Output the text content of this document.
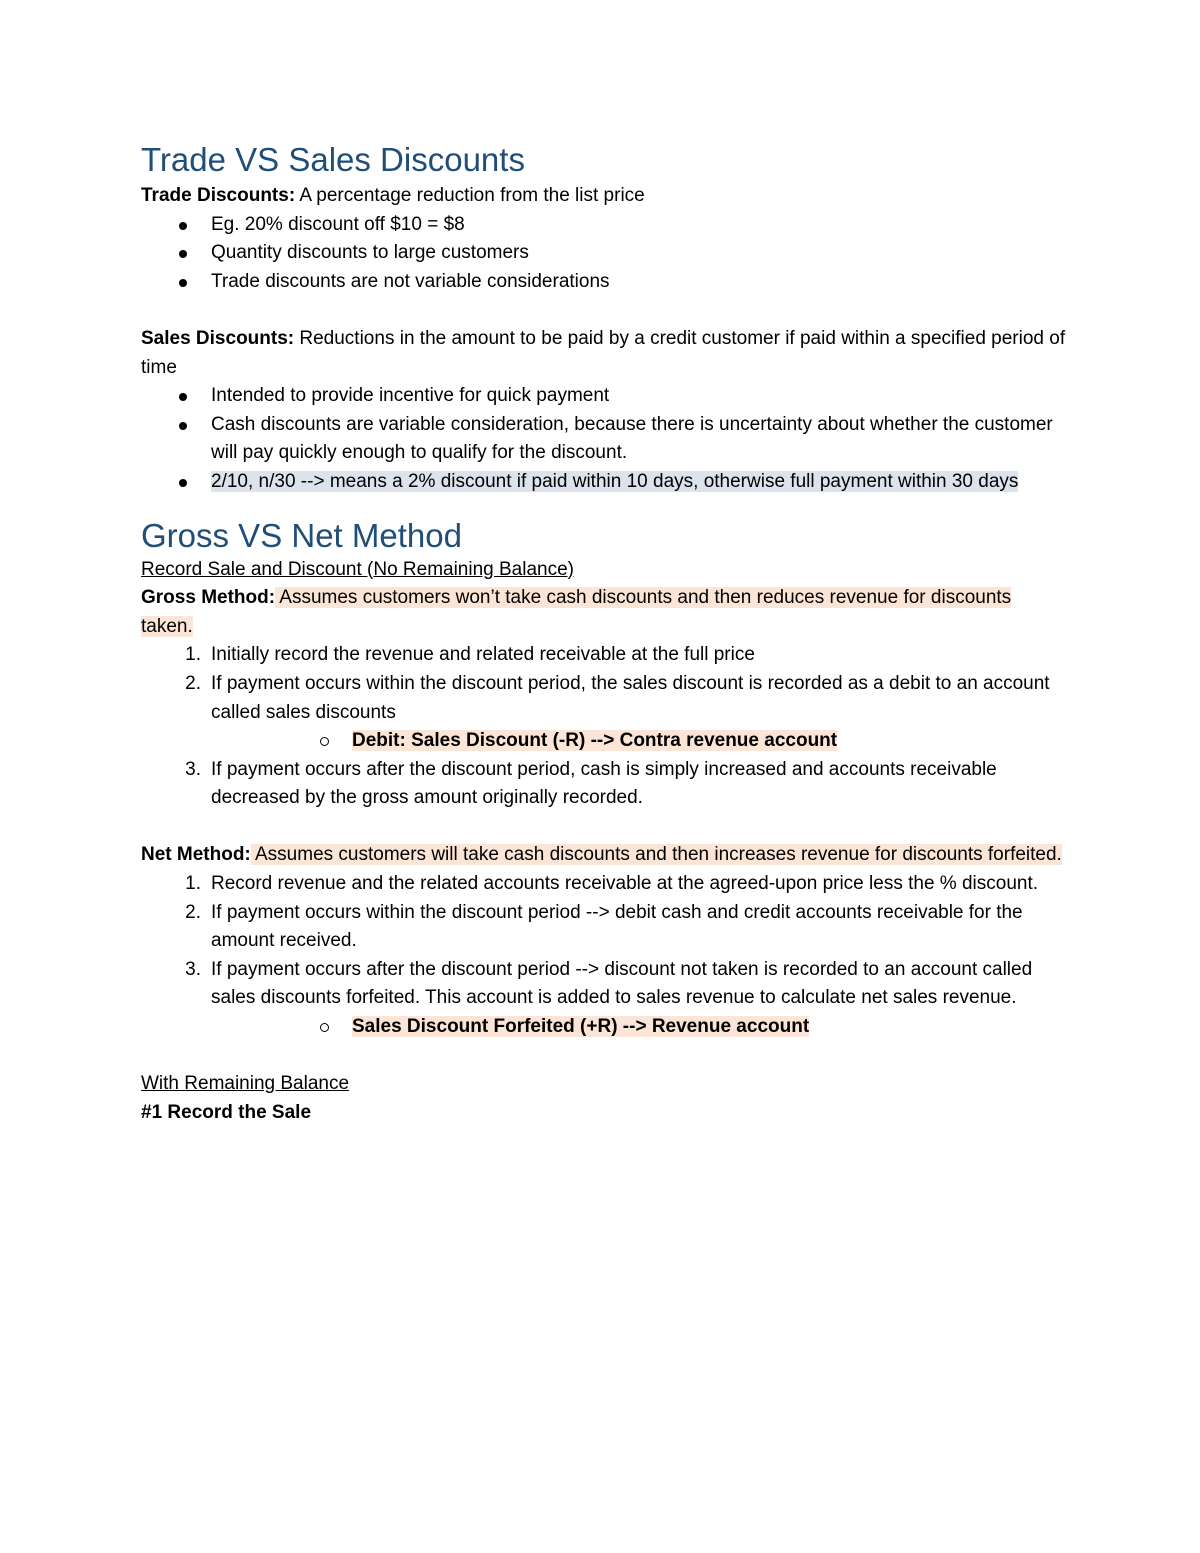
Trade VS Sales Discounts

Trade Discounts: A percentage reduction from the list price

Eg. 20% discount off $10 = $8
Quantity discounts to large customers
Trade discounts are not variable considerations

Sales Discounts: Reductions in the amount to be paid by a credit customer if paid within a specified period of time

Intended to provide incentive for quick payment
Cash discounts are variable consideration, because there is uncertainty about whether the customer will pay quickly enough to qualify for the discount.
2/10, n/30 --> means a 2% discount if paid within 10 days, otherwise full payment within 30 days
Gross VS Net Method

Record Sale and Discount (No Remaining Balance)

Gross Method: Assumes customers won’t take cash discounts and then reduces revenue for discounts taken.

1. Initially record the revenue and related receivable at the full price
2. If payment occurs within the discount period, the sales discount is recorded as a debit to an account called sales discounts
Debit: Sales Discount (-R) --> Contra revenue account
3. If payment occurs after the discount period, cash is simply increased and accounts receivable decreased by the gross amount originally recorded.

Net Method: Assumes customers will take cash discounts and then increases revenue for discounts forfeited.

1. Record revenue and the related accounts receivable at the agreed-upon price less the % discount.
2. If payment occurs within the discount period --> debit cash and credit accounts receivable for the amount received.
3. If payment occurs after the discount period --> discount not taken is recorded to an account called sales discounts forfeited. This account is added to sales revenue to calculate net sales revenue.
Sales Discount Forfeited (+R) --> Revenue account

With Remaining Balance

#1 Record the Sale
